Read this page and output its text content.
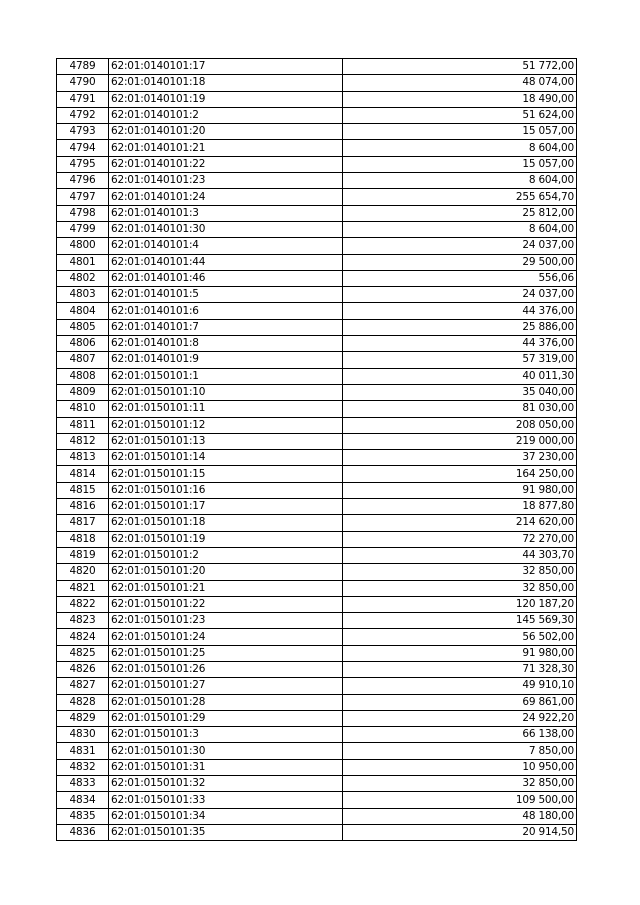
4789	62:01:0140101:17	51 772,00
4790	62:01:0140101:18	48 074,00
4791	62:01:0140101:19	18 490,00
4792	62:01:0140101:2	51 624,00
4793	62:01:0140101:20	15 057,00
4794	62:01:0140101:21	8 604,00
4795	62:01:0140101:22	15 057,00
4796	62:01:0140101:23	8 604,00
4797	62:01:0140101:24	255 654,70
4798	62:01:0140101:3	25 812,00
4799	62:01:0140101:30	8 604,00
4800	62:01:0140101:4	24 037,00
4801	62:01:0140101:44	29 500,00
4802	62:01:0140101:46	556,06
4803	62:01:0140101:5	24 037,00
4804	62:01:0140101:6	44 376,00
4805	62:01:0140101:7	25 886,00
4806	62:01:0140101:8	44 376,00
4807	62:01:0140101:9	57 319,00
4808	62:01:0150101:1	40 011,30
4809	62:01:0150101:10	35 040,00
4810	62:01:0150101:11	81 030,00
4811	62:01:0150101:12	208 050,00
4812	62:01:0150101:13	219 000,00
4813	62:01:0150101:14	37 230,00
4814	62:01:0150101:15	164 250,00
4815	62:01:0150101:16	91 980,00
4816	62:01:0150101:17	18 877,80
4817	62:01:0150101:18	214 620,00
4818	62:01:0150101:19	72 270,00
4819	62:01:0150101:2	44 303,70
4820	62:01:0150101:20	32 850,00
4821	62:01:0150101:21	32 850,00
4822	62:01:0150101:22	120 187,20
4823	62:01:0150101:23	145 569,30
4824	62:01:0150101:24	56 502,00
4825	62:01:0150101:25	91 980,00
4826	62:01:0150101:26	71 328,30
4827	62:01:0150101:27	49 910,10
4828	62:01:0150101:28	69 861,00
4829	62:01:0150101:29	24 922,20
4830	62:01:0150101:3	66 138,00
4831	62:01:0150101:30	7 850,00
4832	62:01:0150101:31	10 950,00
4833	62:01:0150101:32	32 850,00
4834	62:01:0150101:33	109 500,00
4835	62:01:0150101:34	48 180,00
4836	62:01:0150101:35	20 914,50
